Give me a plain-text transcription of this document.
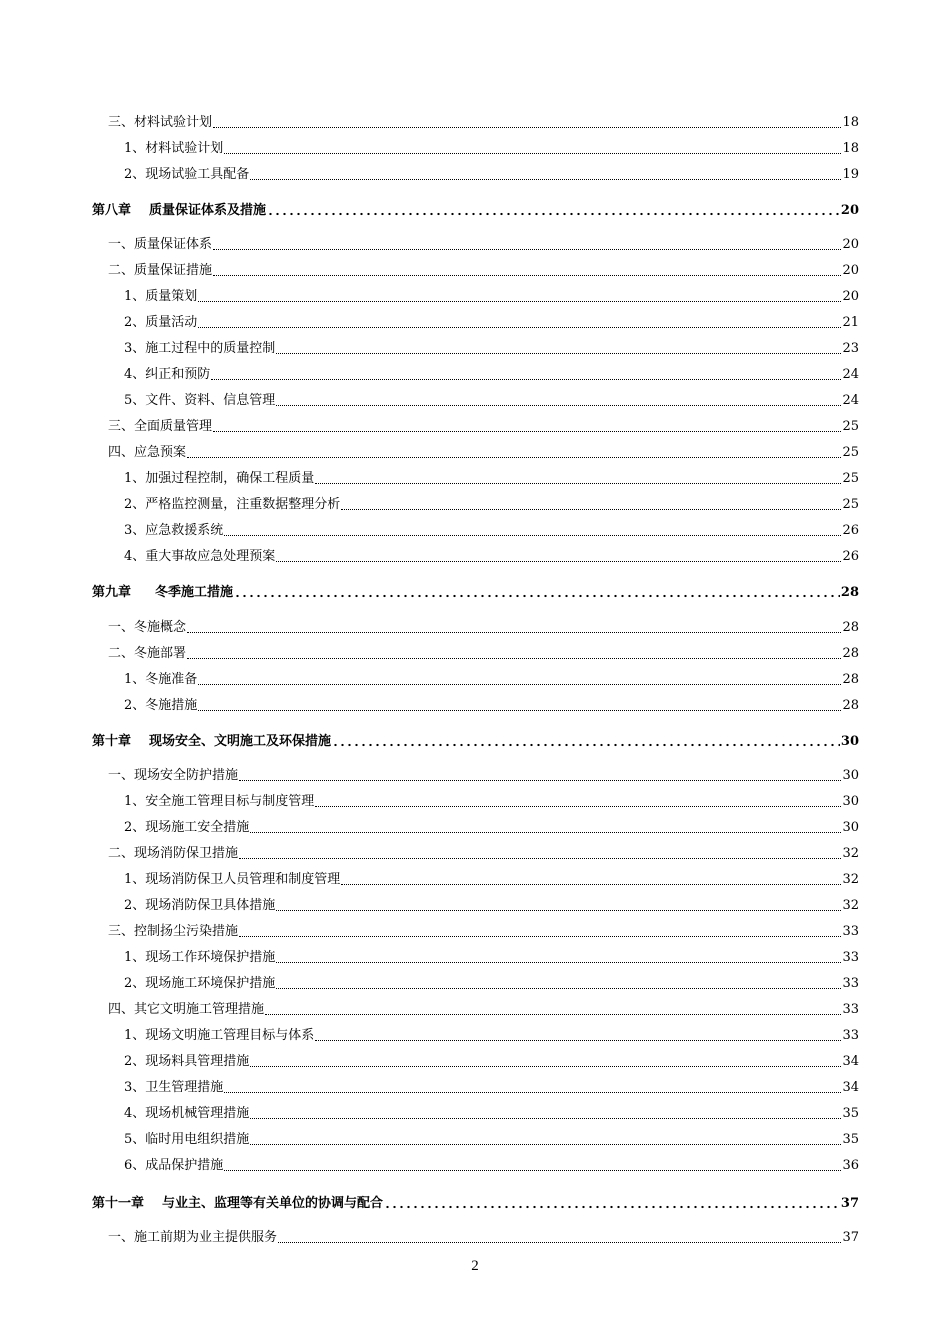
三、材料试验计划	18
1、材料试验计划	18
2、现场试验工具配备	19
第八章 质量保证体系及措施	20
一、质量保证体系	20
二、质量保证措施	20
1、质量策划	20
2、质量活动	21
3、施工过程中的质量控制	23
4、纠正和预防	24
5、文件、资料、信息管理	24
三、全面质量管理	25
四、应急预案	25
1、加强过程控制，确保工程质量	25
2、严格监控测量，注重数据整理分析	25
3、应急救援系统	26
4、重大事故应急处理预案	26
第九章 冬季施工措施	28
一、冬施概念	28
二、冬施部署	28
1、冬施准备	28
2、冬施措施	28
第十章 现场安全、文明施工及环保措施	30
一、现场安全防护措施	30
1、安全施工管理目标与制度管理	30
2、现场施工安全措施	30
二、现场消防保卫措施	32
1、现场消防保卫人员管理和制度管理	32
2、现场消防保卫具体措施	32
三、控制扬尘污染措施	33
1、现场工作环境保护措施	33
2、现场施工环境保护措施	33
四、其它文明施工管理措施	33
1、现场文明施工管理目标与体系	33
2、现场料具管理措施	34
3、卫生管理措施	34
4、现场机械管理措施	35
5、临时用电组织措施	35
6、成品保护措施	36
第十一章 与业主、监理等有关单位的协调与配合	37
一、施工前期为业主提供服务	37
2
